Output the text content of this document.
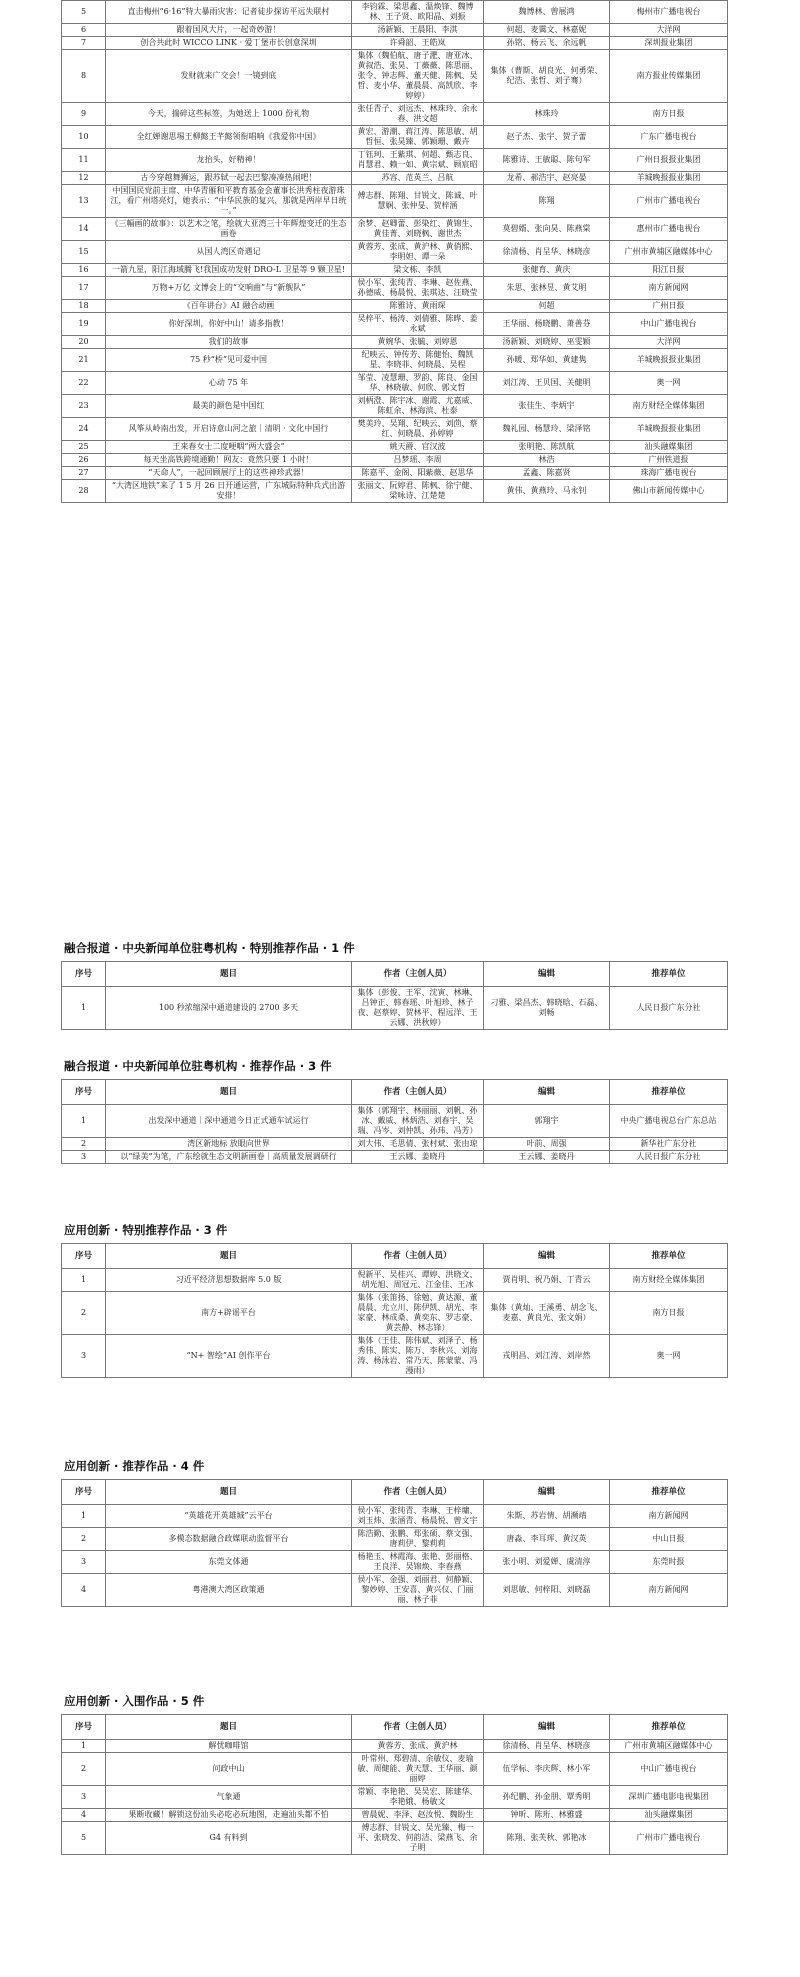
5	直击梅州“6·16”特大暴雨灾害：记者徒步探访平远失联村	李钧霖、梁思鑫、温焕锋、魏博林、王子贤、欧阳晶、刘振	魏博林、曾展鸿	梅州市广播电视台
6	跟着国风大片，一起奇妙游！	汤新颖、王晨阳、李淇	何超、麦霭文、林嘉妮	大洋网
7	创合共此时 WICCO LINK · 爱丁堡市长创意深圳	许舜韶、王皓岚	孙铭、杨云飞、余远帆	深圳报业集团
8	发财就来广交会！一镜到底	集体（魏伯航、唐子淝、唐亚冰、黄叙浩、张昊、丁薇薇、陈思丽、张令、钟志辉、董天健、陈枫、吴哲、麦小华、董晨晨、高凯欣、李婷婷）	集体（曹斯、胡良光、何勇荣、纪浩、张哲、刘子骞）	南方报业传媒集团
9	今天，揣碎这些标签，为她送上 1000 份礼物	张任青子、刘远杰、林珠玲、余永春、洪文超	林珠玲	南方日报
10	全红婵谢思埸王柳懿王芊懿领衔唱响《我爱你中国》	黄宏、游潮、蒋江涛、陈思敏、胡哲恒、张昊臻、郭颖珊、戴卉	赵子杰、张宇、贺子蕾	广东广播电视台
11	龙抬头，好精神！	丁钰珂、王紫琪、何超、甄志良、肖慧君、赖一如、黄宗斌、顾宸昭	陈雅诗、王敏聪、陈句军	广州日报报业集团
12	古今穿越舞狮运，跟苏轼一起去巴黎凑凑热闹吧！	苏容、范英兰、吕航	龙希、郝浩宇、赵亮晏	羊城晚报报业集团
13	中国国民党前主席、中华青雁和平教育基金会董事长洪秀柱夜游珠江，看广州塔亮灯，她表示：“中华民族的复兴，那就是两岸早日统一。”	傅志群、陈翔、甘锐文、陈诚、叶慧娴、张仲旻、贺梓涵	陈翔	广州市广播电视台
14	《三幅画的故事》：以艺术之笔，绘就大亚湾三十年辉煌变迁的生态画卷	余梦、赵卿蕾、彭染红、黄锦生、黄佳菁、刘晓枫、谢世杰	莫碧婿、张向昊、陈燕棠	惠州市广播电视台
15	从国人湾区奇遇记	黄蓉芳、张成、黄沪林、黄俏熙、李明妲、谭一朵	徐清杨、肖呈华、林晓彦	广州市黄埔区融媒体中心
16	一箭九星，阳江海域腾飞!我国成功发射 DRO-L 卫星等 9 颗卫星!	梁文栋、李凯	张健育、黄庆	阳江日报
17	万物+万亿 文博会上的“交响曲”与“新舰队”	侯小军、张纯青、李琳、赵佐燕、孙德威、杨晨悦、张琪达、汪晓莹	朱思、张林昱、黄艾明	南方新闻网
18	《百年讲台》AI 融合动画	陈雅诗、黄雨琛	何超	广州日报
19	你好深圳，你好中山！请多指教！	吴梓平、杨涛、刘倩雅、陈晔、姜永斌	王华丽、杨晓鹏、萧善芬	中山广播电视台
20	我们的故事	黄婉华、张毓、刘婷恩	汤新颖、刘晓婷、巫雯颖	大洋网
21	75 秒“桥”见可爱中国	纪映云、钟传芳、陈健怡、魏凯星、李晓菲、何晓晨、吴程	孙暖、郑华如、黄建隽	羊城晚报报业集团
22	心动 75 年	邹莹、凌慧珊、罗韵、陈良、金国华、林晓敏、何欣、郭文哲	刘江涛、王贝国、关健明	奥一网
23	最美的颜色是中国红	刘柄澄、陈宇冰、谢霞、尤嘉威、陈虹余、林海滨、杜泰	张佳生、李炳宇	南方财经全媒体集团
24	风筝从岭南出发，开启诗意山河之旅｜清明 · 文化中国行	樊美玲、吴翔、纪映云、刘茴、蔡红、何晓晨、孙婷婷	魏礼园、杨慧玲、梁泽铭	羊城晚报报业集团
25	王来春女士二度哽咽“两大盛会”	姚天爵、官汉波	张明艳、陈凯航	汕头融媒集团
26	每天坐高铁跨境通勤！网友：竟然只要 1 小时！	吕梦瑶、李周	林浩	广州铁道报
27	“天命人”，一起回顾展厅上的这些神珍武器！	陈嘉平、金阁、阳紫薇、赵思华	孟鑫、陈嘉贤	珠海广播电视台
28	“大湾区地铁”来了 1 5 月 26 日开通运营，广东城际特种兵式出游安排！	张丽文、阮婷君、陈枫、徐宁健、梁咏诗、江楚楚	黄伟、黄燕玲、马永钊	佛山市新闻传媒中心
融合报道 · 中央新闻单位驻粤机构 · 特别推荐作品 · 1 件
序号	题目	作者（主创人员）	编辑	推荐单位
1	100 秒浓缩深中通道建设的 2700 多天	集体（彭俊、王军、沈寅、林琳、吕钟正、韩春瑶、叶旭珍、林子夜、赵蔡婷、贺林平、程远洋、王云娜、洪秋婷）	刁雅、梁昌杰、韩晓晗、石磊、刘畅	人民日报广东分社
融合报道 · 中央新闻单位驻粤机构 · 推荐作品 · 3 件
序号	题目	作者（主创人员）	编辑	推荐单位
1	出发深中通道｜深中通道今日正式通车试运行	集体（郭翔宇、林丽丽、刘帆、孙冰、戴威、林炳浩、刘春宇、吴瑞、冯岑、刘仲凯、孙玮、冯芳）	郭翔宇	中央广播电视总台广东总站
2	湾区新地标 放眼向世界	刘大伟、毛思倩、张村斌、张由琼	叶前、周强	新华社广东分社
3	以“绿美”为笔，广东绘就生态文明新画卷｜高质量发展调研行	王云娜、姜晓丹	王云娜、姜晓丹	人民日报广东分社
应用创新 · 特别推荐作品 · 3 件
序号	题目	作者（主创人员）	编辑	推荐单位
1	习近平经济思想数据库 5.0 版	倪新平、吴桂兴、谭婷、洪晓文、胡光旭、周冠元、江金佳、王冰	贾肖明、祝乃娟、丁青云	南方财经全媒体集团
2	南方+辟谣平台	集体（张笛扬、徐勉、黄达源、董晨晨、尤立川、陈伊凯、胡光、李家豪、林成桑、黄奕东、罗志豪、黄芸静、林志锋）	集体（黄灿、王溪勇、胡念飞、麦嘉、黄良光、张文娟）	南方日报
3	“N+ 智绘”AI 创作平台	集体（王佳、陈伟斌、刘泽子、杨秀伟、陈实、陈万、李秋兴、刘海涛、杨泳岩、常乃天、陈蒙蒙、冯漫雨）	戎明昌、刘江涛、刘岸然	奥一网
应用创新 · 推荐作品 · 4 件
序号	题目	作者（主创人员）	编辑	推荐单位
1	“英雄花开英雄城”云平台	侯小军、张纯青、李琳、王梓墉、刘玉炜、张涵青、杨晨悦、曾文宇	朱斯、苏岩情、胡濒靖	南方新闻网
2	多模态数据融合政媒联动监督平台	陈浩勤、张鹏、郑张硕、蔡文强、唐莉伊、黎莉莉	唐淼、李耳珲、黄汉英	中山日报
3	东莞文体通	杨艳玉、林霞海、张艳、彭丽格、王良洋、吴锦焕、李春燕	张小明、刘爱婵、虞清淳	东莞时报
4	粤港澳大湾区政策通	侯小军、金强、刘丽君、何静颖、黎妙婷、王安喜、黄兴仪、门丽丽、林子菲	刘思敏、何梓阳、刘晓磊	南方新闻网
应用创新 · 入围作品 · 5 件
序号	题目	作者（主创人员）	编辑	推荐单位
1	解忧咖啡馆	黄蓉芳、张成、黄沪林	徐清杨、肖呈华、林晓彦	广州市黄埔区融媒体中心
2	问政中山	叶常州、郑碧清、余敏仪、麦瑜敏、周健能、黄天慧、王华丽、颜丽婷	伍学标、李庆辉、林小军	中山广播电视台
3	气象通	常颖、李艳艳、吴吴宏、陈建华、李艳娥、杨敏文	孙纪鹏、孙金朋、覃秀明	深圳广播电影电视集团
4	果断收藏！解锁这份汕头必吃必玩地图，走遍汕头都不怕	曾晨妮、李泽、赵汝悦、魏盼生	钟昕、陈珩、林雅盛	汕头融媒集团
5	G4 有料到	傅志群、甘锐文、吴光臻、梅一平、张晓发、何韵洁、梁燕飞、余子明	陈翔、张芙秋、郭艳冰	广州市广播电视台
